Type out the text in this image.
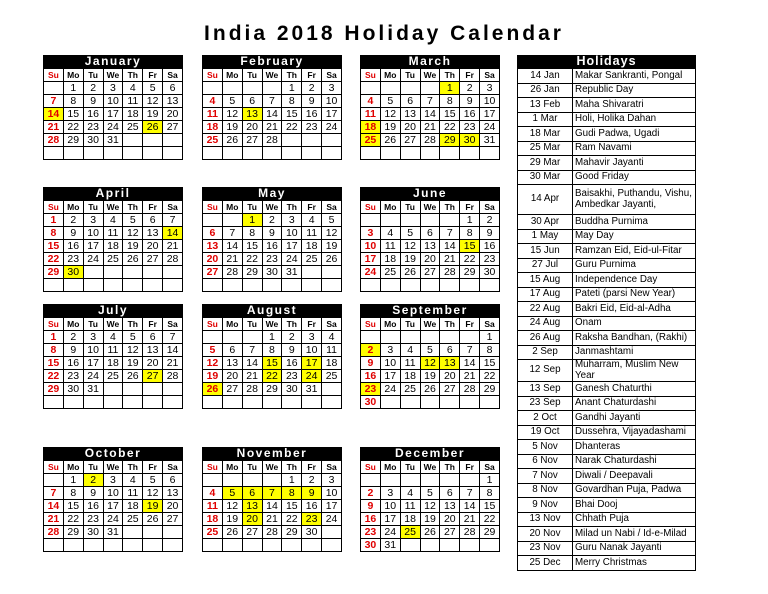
India 2018 Holiday Calendar
January
Su	Mo	Tu	We	Th	Fr	Sa
	1	2	3	4	5	6
7	8	9	10	11	12	13
14	15	16	17	18	19	20
21	22	23	24	25	26	27
28	29	30	31			

February
Su	Mo	Tu	We	Th	Fr	Sa
				1	2	3
4	5	6	7	8	9	10
11	12	13	14	15	16	17
18	19	20	21	22	23	24
25	26	27	28			

March
Su	Mo	Tu	We	Th	Fr	Sa
				1	2	3
4	5	6	7	8	9	10
11	12	13	14	15	16	17
18	19	20	21	22	23	24
25	26	27	28	29	30	31

April
Su	Mo	Tu	We	Th	Fr	Sa
1	2	3	4	5	6	7
8	9	10	11	12	13	14
15	16	17	18	19	20	21
22	23	24	25	26	27	28
29	30					

May
Su	Mo	Tu	We	Th	Fr	Sa
		1	2	3	4	5
6	7	8	9	10	11	12
13	14	15	16	17	18	19
20	21	22	23	24	25	26
27	28	29	30	31		

June
Su	Mo	Tu	We	Th	Fr	Sa
					1	2
3	4	5	6	7	8	9
10	11	12	13	14	15	16
17	18	19	20	21	22	23
24	25	26	27	28	29	30

July
Su	Mo	Tu	We	Th	Fr	Sa
1	2	3	4	5	6	7
8	9	10	11	12	13	14
15	16	17	18	19	20	21
22	23	24	25	26	27	28
29	30	31				

August
Su	Mo	Tu	We	Th	Fr	Sa
			1	2	3	4
5	6	7	8	9	10	11
12	13	14	15	16	17	18
19	20	21	22	23	24	25
26	27	28	29	30	31	

September
Su	Mo	Tu	We	Th	Fr	Sa
						1
2	3	4	5	6	7	8
9	10	11	12	13	14	15
16	17	18	19	20	21	22
23	24	25	26	27	28	29
30						
October
Su	Mo	Tu	We	Th	Fr	Sa
	1	2	3	4	5	6
7	8	9	10	11	12	13
14	15	16	17	18	19	20
21	22	23	24	25	26	27
28	29	30	31			

November
Su	Mo	Tu	We	Th	Fr	Sa
				1	2	3
4	5	6	7	8	9	10
11	12	13	14	15	16	17
18	19	20	21	22	23	24
25	26	27	28	29	30	

December
Su	Mo	Tu	We	Th	Fr	Sa
						1
2	3	4	5	6	7	8
9	10	11	12	13	14	15
16	17	18	19	20	21	22
23	24	25	26	27	28	29
30	31					
Holidays
14 Jan	Makar Sankranti, Pongal
26 Jan	Republic Day
13 Feb	Maha Shivaratri
1 Mar	Holi, Holika Dahan
18 Mar	Gudi Padwa, Ugadi
25 Mar	Ram Navami
29 Mar	Mahavir Jayanti
30 Mar	Good Friday
14 Apr	Baisakhi, Puthandu, Vishu, Ambedkar Jayanti,
30 Apr	Buddha Purnima
1 May	May Day
15 Jun	Ramzan Eid, Eid-ul-Fitar
27 Jul	Guru Purnima
15 Aug	Independence Day
17 Aug	Pateti (parsi New Year)
22 Aug	Bakri Eid, Eid-al-Adha
24 Aug	Onam
26 Aug	Raksha Bandhan, (Rakhi)
2 Sep	Janmashtami
12 Sep	Muharram, Muslim New Year
13 Sep	Ganesh Chaturthi
23 Sep	Anant Chaturdashi
2 Oct	Gandhi Jayanti
19 Oct	Dussehra, Vijayadashami
5 Nov	Dhanteras
6 Nov	Narak Chaturdashi
7 Nov	Diwali / Deepavali
8 Nov	Govardhan Puja, Padwa
9 Nov	Bhai Dooj
13 Nov	Chhath Puja
20 Nov	Milad un Nabi / Id-e-Milad
23 Nov	Guru Nanak Jayanti
25 Dec	Merry Christmas
